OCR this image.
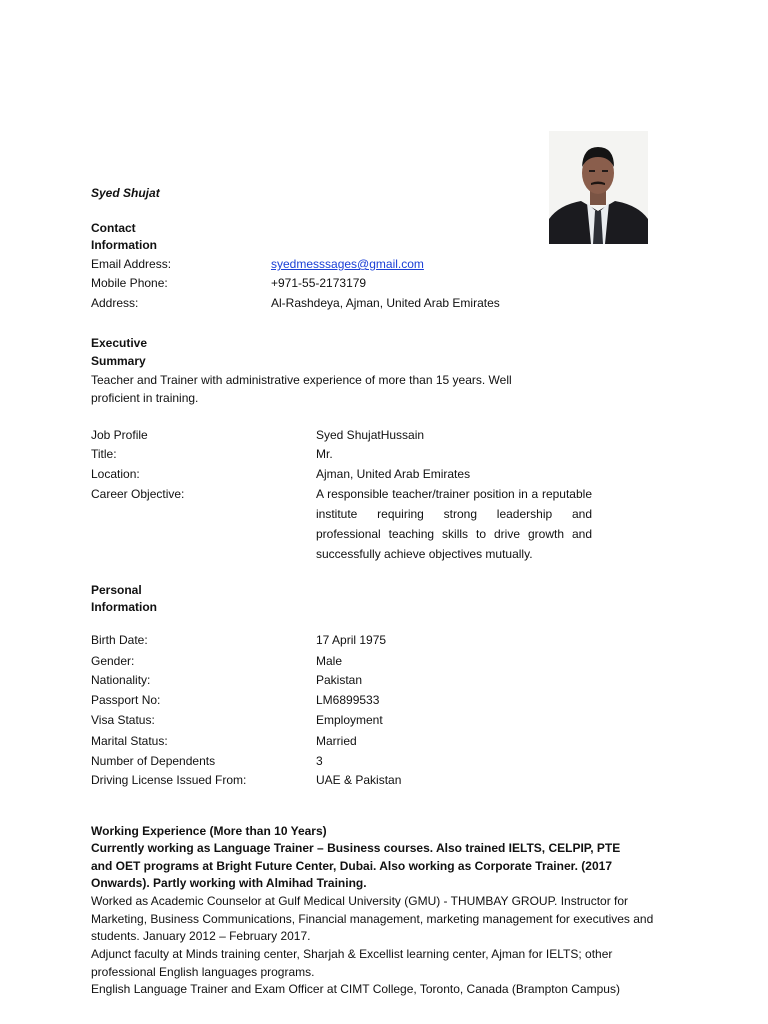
Syed Shujat
Contact
Information
Email Address:	syedmesssages@gmail.com
Mobile Phone:	+971-55-2173179
Address:	Al-Rashdeya, Ajman, United Arab Emirates
Executive
Summary
Teacher and Trainer with administrative experience of more than 15 years. Well
proficient in training.
Job Profile	Syed ShujatHussain
Title:	Mr.
Location:	Ajman, United Arab Emirates
Career Objective:	A responsible teacher/trainer position in a reputable institute requiring strong leadership and professional teaching skills to drive growth and successfully achieve objectives mutually.
Personal
Information
Birth Date:	17 April 1975
Gender:	Male
Nationality:	Pakistan
Passport No:	LM6899533
Visa Status:	Employment
Marital Status:	Married
Number of Dependents	3
Driving License Issued From:	UAE & Pakistan
Working Experience (More than 10 Years)
Currently working as Language Trainer – Business courses. Also trained IELTS, CELPIP, PTE and OET programs at Bright Future Center, Dubai. Also working as Corporate Trainer. (2017 Onwards). Partly working with Almihad Training.
Worked as Academic Counselor at Gulf Medical University (GMU) - THUMBAY GROUP. Instructor for Marketing, Business Communications, Financial management, marketing management for executives and students. January 2012 – February 2017.
Adjunct faculty at Minds training center, Sharjah & Excellist learning center, Ajman for IELTS; other professional English languages programs.
English Language Trainer and Exam Officer at CIMT College, Toronto, Canada (Brampton Campus)
